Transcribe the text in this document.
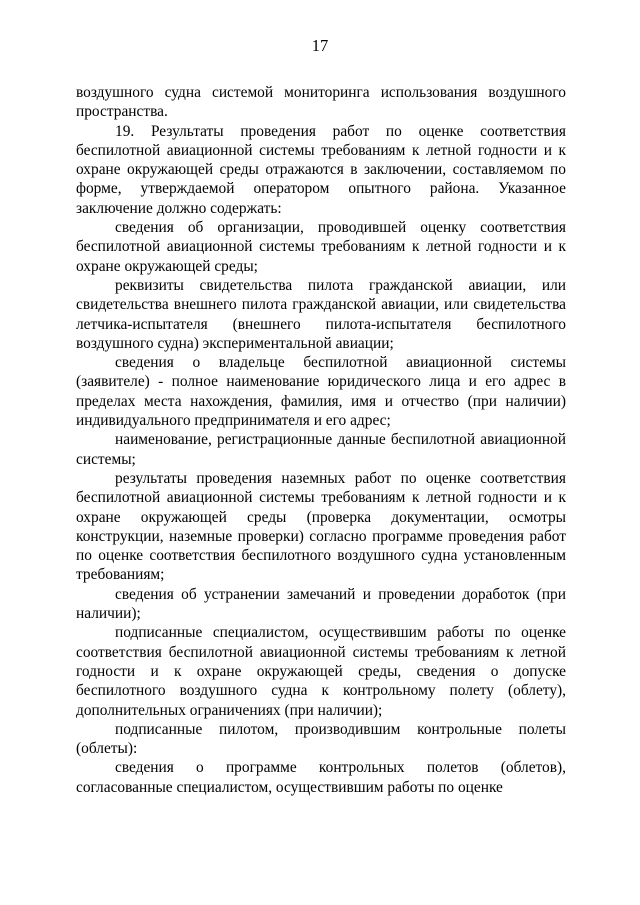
17

воздушного судна системой мониторинга использования воздушного пространства.

19. Результаты проведения работ по оценке соответствия беспилотной авиационной системы требованиям к летной годности и к охране окружающей среды отражаются в заключении, составляемом по форме, утверждаемой оператором опытного района. Указанное заключение должно содержать:

сведения об организации, проводившей оценку соответствия беспилотной авиационной системы требованиям к летной годности и к охране окружающей среды;

реквизиты свидетельства пилота гражданской авиации, или свидетельства внешнего пилота гражданской авиации, или свидетельства летчика-испытателя (внешнего пилота-испытателя беспилотного воздушного судна) экспериментальной авиации;

сведения о владельце беспилотной авиационной системы (заявителе) - полное наименование юридического лица и его адрес в пределах места нахождения, фамилия, имя и отчество (при наличии) индивидуального предпринимателя и его адрес;

наименование, регистрационные данные беспилотной авиационной системы;

результаты проведения наземных работ по оценке соответствия беспилотной авиационной системы требованиям к летной годности и к охране окружающей среды (проверка документации, осмотры конструкции, наземные проверки) согласно программе проведения работ по оценке соответствия беспилотного воздушного судна установленным требованиям;

сведения об устранении замечаний и проведении доработок (при наличии);

подписанные специалистом, осуществившим работы по оценке соответствия беспилотной авиационной системы требованиям к летной годности и к охране окружающей среды, сведения о допуске беспилотного воздушного судна к контрольному полету (облету), дополнительных ограничениях (при наличии);

подписанные пилотом, производившим контрольные полеты (облеты):

сведения о программе контрольных полетов (облетов), согласованные специалистом, осуществившим работы по оценке
